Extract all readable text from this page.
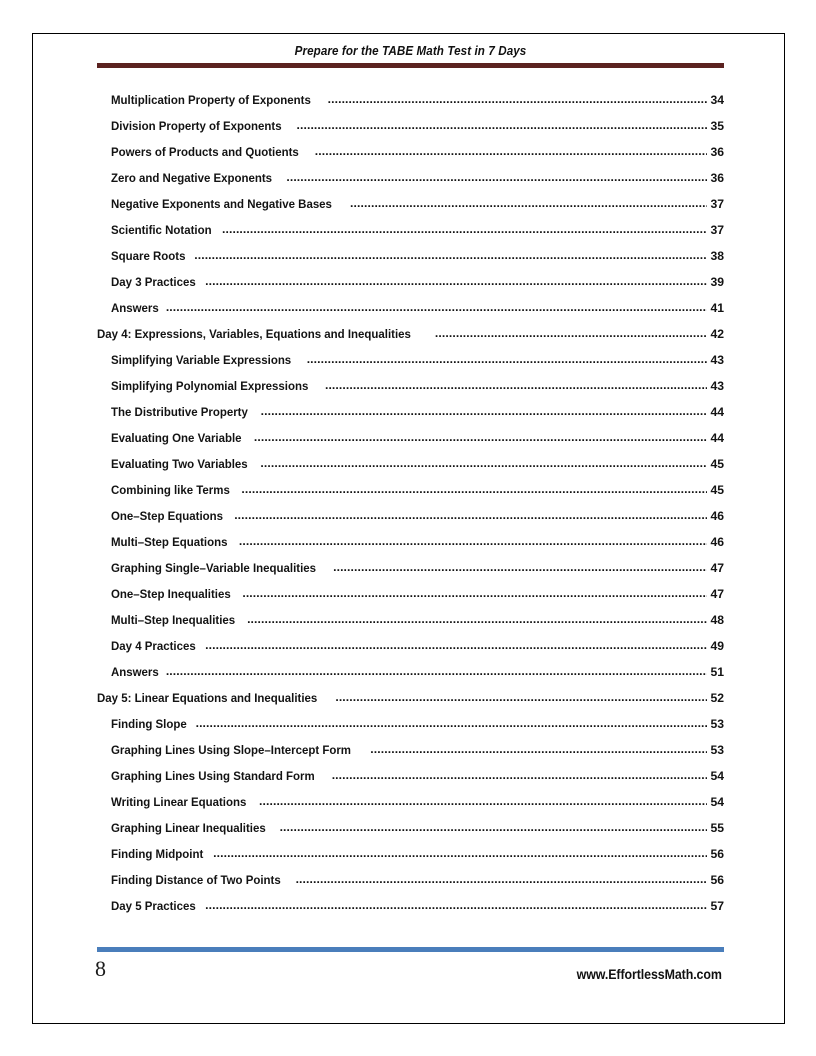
Prepare for the TABE Math Test in 7 Days
Multiplication Property of Exponents .....	34
Division Property of Exponents .....	35
Powers of Products and Quotients .....	36
Zero and Negative Exponents .....	36
Negative Exponents and Negative Bases .....	37
Scientific Notation .....	37
Square Roots .....	38
Day 3 Practices .....	39
Answers .....	41
Day 4: Expressions, Variables, Equations and Inequalities .....	42
Simplifying Variable Expressions .....	43
Simplifying Polynomial Expressions .....	43
The Distributive Property .....	44
Evaluating One Variable .....	44
Evaluating Two Variables .....	45
Combining like Terms .....	45
One–Step Equations .....	46
Multi–Step Equations .....	46
Graphing Single–Variable Inequalities .....	47
One–Step Inequalities .....	47
Multi–Step Inequalities .....	48
Day 4 Practices .....	49
Answers .....	51
Day 5: Linear Equations and Inequalities .....	52
Finding Slope .....	53
Graphing Lines Using Slope–Intercept Form .....	53
Graphing Lines Using Standard Form .....	54
Writing Linear Equations .....	54
Graphing Linear Inequalities .....	55
Finding Midpoint .....	56
Finding Distance of Two Points .....	56
Day 5 Practices .....	57
8	www.EffortlessMath.com
